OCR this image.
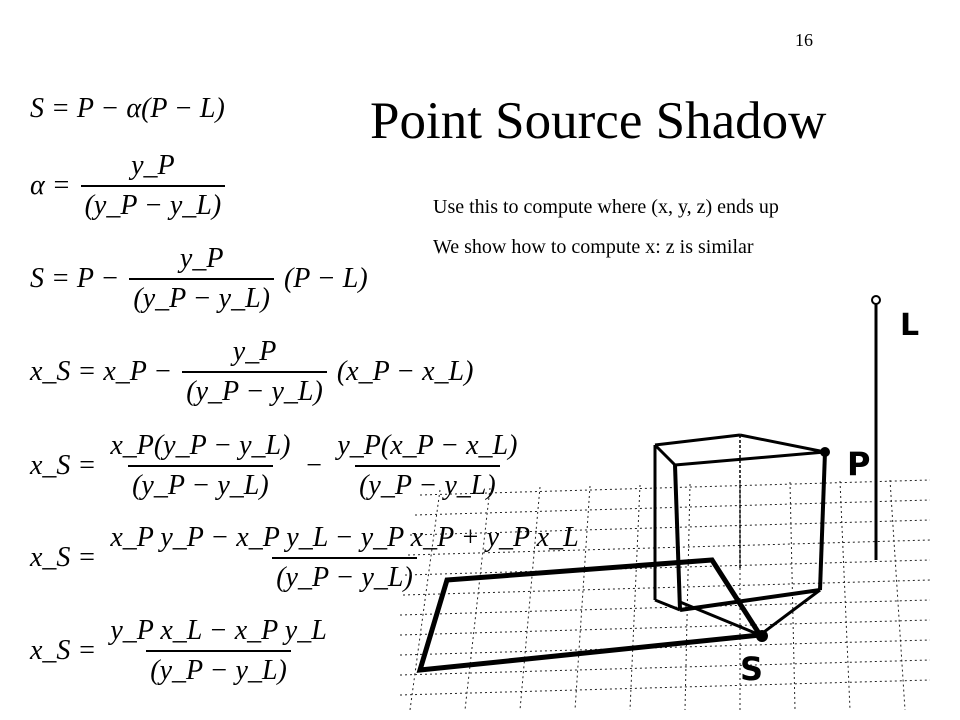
16
Point Source Shadow
Use this to compute where (x, y, z) ends up
We show how to compute x: z is similar
S = P − α(P − L)
$\alpha = \frac{y\_P}{(y\_P - y\_L)}$
$S = P - \frac{y\_P}{(y\_P - y\_L)} (P - L)$
x_S = x_P − $\frac{y\_P}{(y\_P - y\_L)}$ (x_P − x_L)
x_S = $\frac{x\_P(y\_P - y\_L)}{(y\_P - y\_L)} - \frac{y\_P(x\_P - x\_L)}{(y\_P - y\_L)}$
x_S = $\frac{\text{x\_P y\_P − x\_P y\_L − y\_P x\_P + y\_P x\_L}}{(y\_P - y\_L)}$
x_S = $\frac{\text{y\_P x\_L − x\_P y\_L}}{(y\_P - y\_L)}$
L
P
S
